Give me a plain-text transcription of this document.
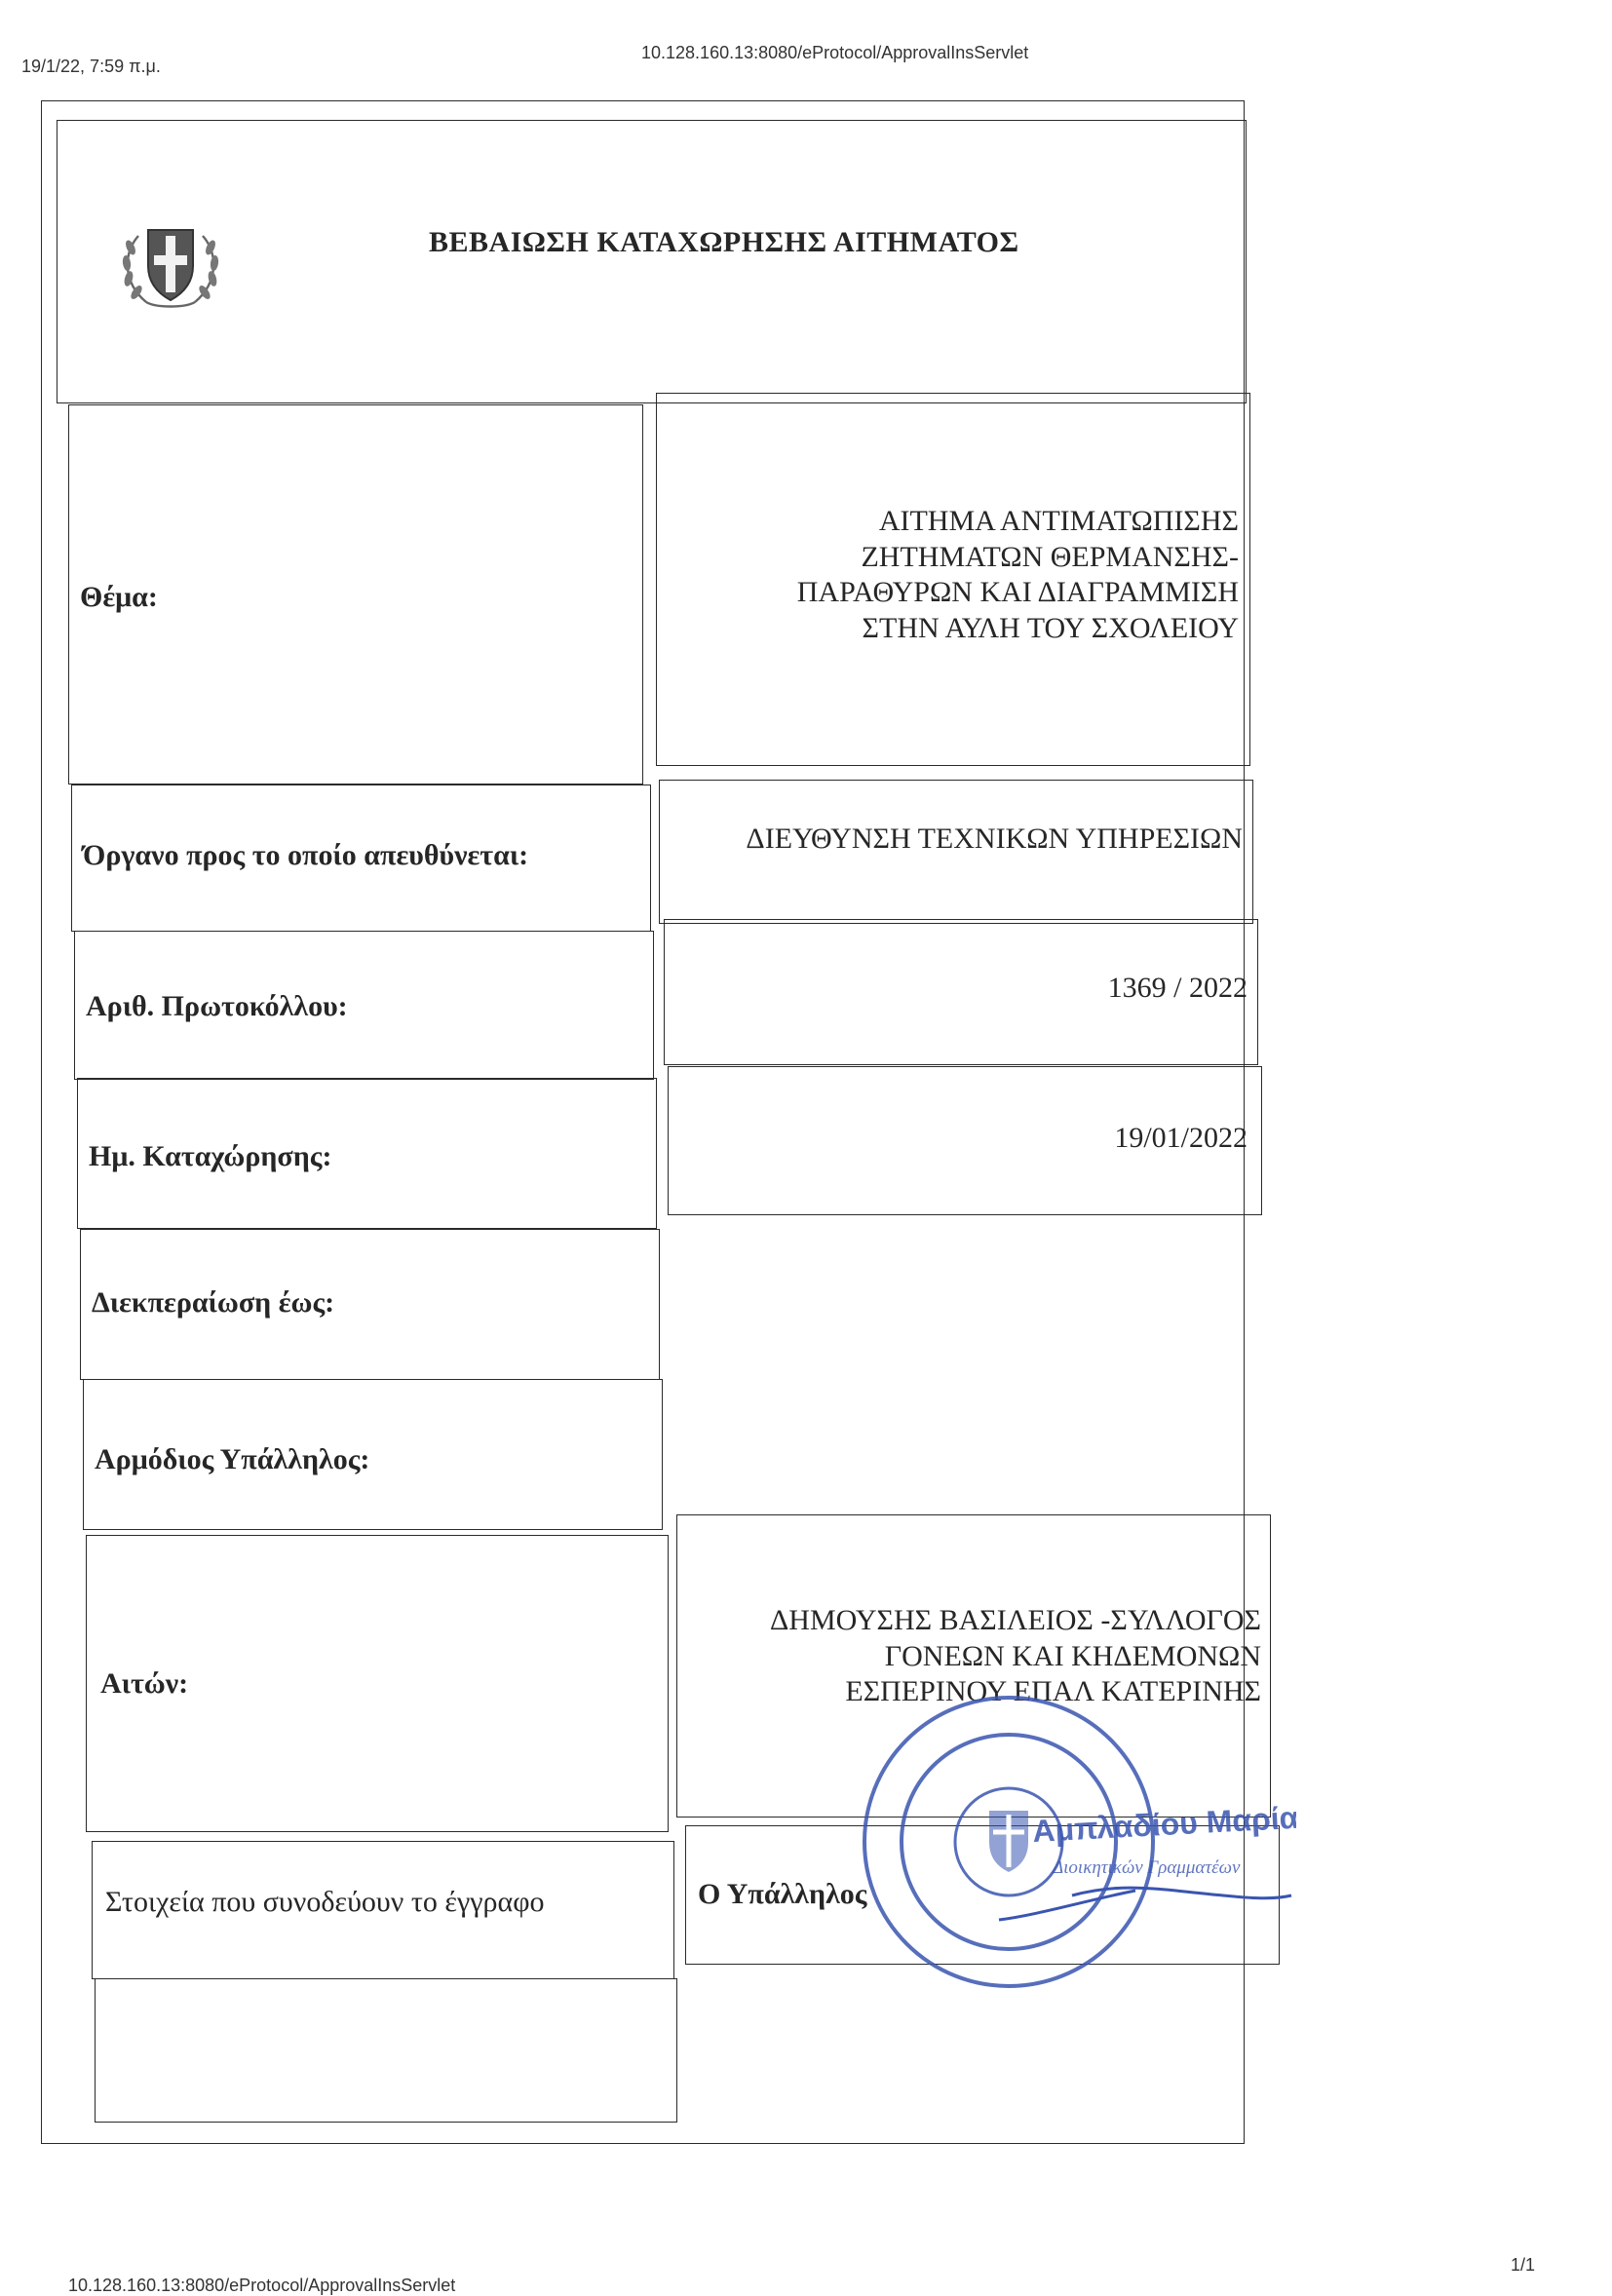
19/1/22, 7:59 π.μ.
10.128.160.13:8080/eProtocol/ApprovalInsServlet
ΒΕΒΑΙΩΣΗ ΚΑΤΑΧΩΡΗΣΗΣ ΑΙΤΗΜΑΤΟΣ
Θέμα:
ΑΙΤΗΜΑ ΑΝΤΙΜΑΤΩΠΙΣΗΣ
ΖΗΤΗΜΑΤΩΝ ΘΕΡΜΑΝΣΗΣ-
ΠΑΡΑΘΥΡΩΝ ΚΑΙ ΔΙΑΓΡΑΜΜΙΣΗ
ΣΤΗΝ ΑΥΛΗ ΤΟΥ ΣΧΟΛΕΙΟΥ
Όργανο προς το οποίο απευθύνεται:
ΔΙΕΥΘΥΝΣΗ ΤΕΧΝΙΚΩΝ ΥΠΗΡΕΣΙΩΝ
Αριθ. Πρωτοκόλλου:
1369 / 2022
Ημ. Καταχώρησης:
19/01/2022
Διεκπεραίωση έως:
Αρμόδιος Υπάλληλος:
Αιτών:
ΔΗΜΟΥΣΗΣ ΒΑΣΙΛΕΙΟΣ -ΣΥΛΛΟΓΟΣ
ΓΟΝΕΩΝ ΚΑΙ ΚΗΔΕΜΟΝΩΝ
ΕΣΠΕΡΙΝΟΥ ΕΠΑΛ ΚΑΤΕΡΙΝΗΣ
Στοιχεία που συνοδεύουν το έγγραφο	Ο Υπάλληλος
Αμπλαδίου Μαρία
Διοικητικών Γραμματέων
10.128.160.13:8080/eProtocol/ApprovalInsServlet
1/1
